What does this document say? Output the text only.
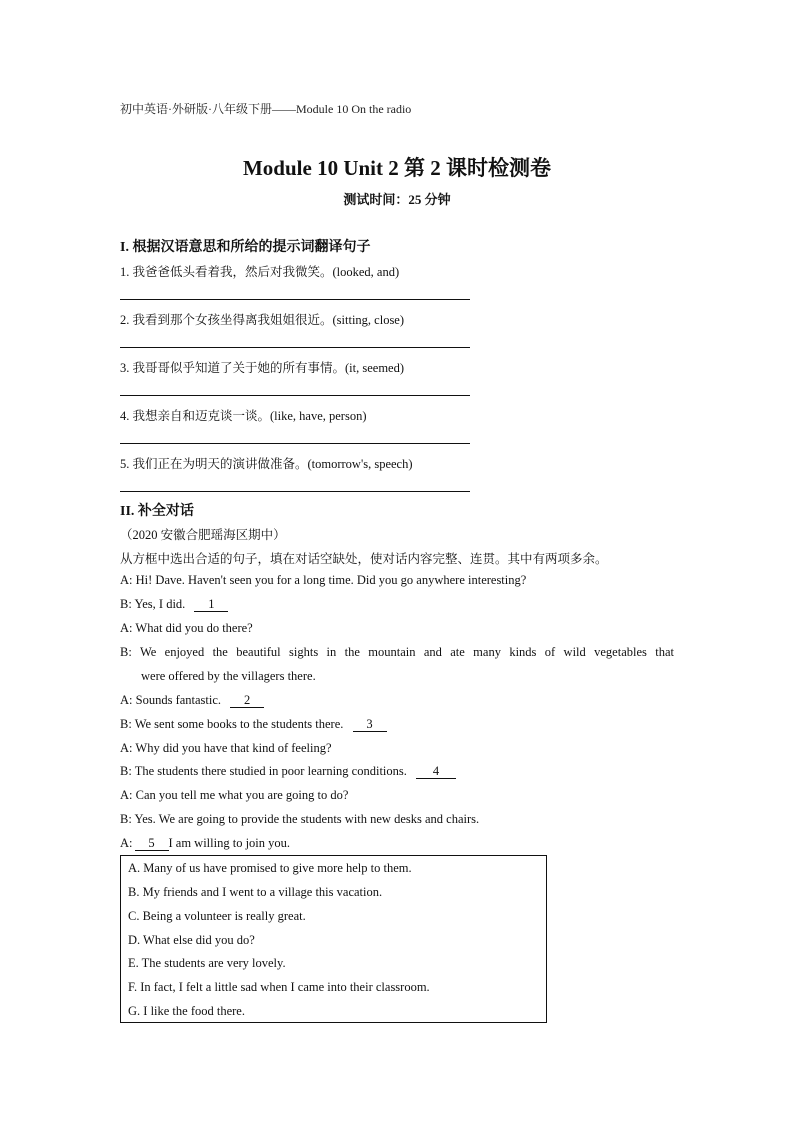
初中英语·外研版·八年级下册——Module 10 On the radio
Module 10 Unit 2 第 2 课时检测卷
测试时间：25 分钟
I. 根据汉语意思和所给的提示词翻译句子
1. 我爸爸低头看着我，然后对我微笑。(looked, and)
2. 我看到那个女孩坐得离我姐姐很近。(sitting, close)
3. 我哥哥似乎知道了关于她的所有事情。(it, seemed)
4. 我想亲自和迈克谈一谈。(like, have, person)
5. 我们正在为明天的演讲做准备。(tomorrow's, speech)
II. 补全对话
（2020 安徽合肥瑶海区期中）
从方框中选出合适的句子，填在对话空缺处，使对话内容完整、连贯。其中有两项多余。
A: Hi! Dave. Haven't seen you for a long time. Did you go anywhere interesting?
B: Yes, I did. 1
A: What did you do there?
B: We enjoyed the beautiful sights in the mountain and ate many kinds of wild vegetables that
were offered by the villagers there.
A: Sounds fantastic. 2
B: We sent some books to the students there. 3
A: Why did you have that kind of feeling?
B: The students there studied in poor learning conditions. 4
A: Can you tell me what you are going to do?
B: Yes. We are going to provide the students with new desks and chairs.
A: 5 I am willing to join you.
A. Many of us have promised to give more help to them.
B. My friends and I went to a village this vacation.
C. Being a volunteer is really great.
D. What else did you do?
E. The students are very lovely.
F. In fact, I felt a little sad when I came into their classroom.
G. I like the food there.
